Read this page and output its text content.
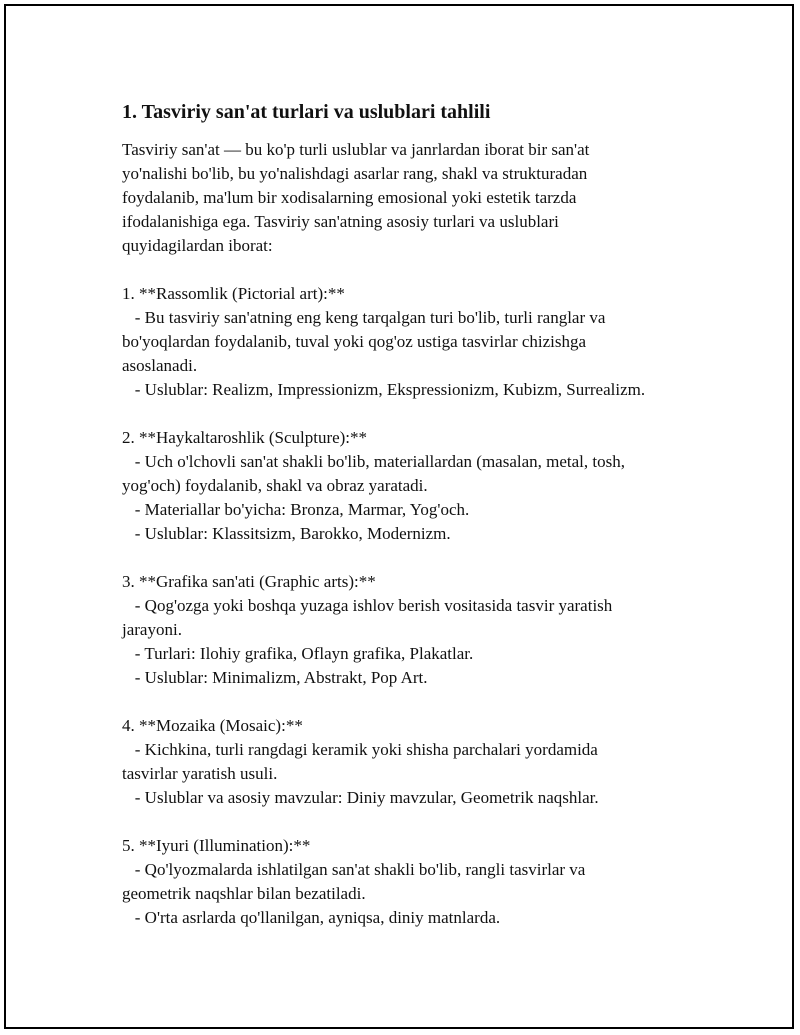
1. Tasviriy san'at turlari va uslublari tahlili
Tasviriy san'at — bu ko'p turli uslublar va janrlardan iborat bir san'at
yo'nalishi bo'lib, bu yo'nalishdagi asarlar rang, shakl va strukturadan
foydalanib, ma'lum bir xodisalarning emosional yoki estetik tarzda
ifodalanishiga ega. Tasviriy san'atning asosiy turlari va uslublari
quyidagilardan iborat:
1. **Rassomlik (Pictorial art):**
- Bu tasviriy san'atning eng keng tarqalgan turi bo'lib, turli ranglar va
bo'yoqlardan foydalanib, tuval yoki qog'oz ustiga tasvirlar chizishga
asoslanadi.
- Uslublar: Realizm, Impressionizm, Ekspressionizm, Kubizm, Surrealizm.
2. **Haykaltaroshlik (Sculpture):**
- Uch o'lchovli san'at shakli bo'lib, materiallardan (masalan, metal, tosh,
yog'och) foydalanib, shakl va obraz yaratadi.
- Materiallar bo'yicha: Bronza, Marmar, Yog'och.
- Uslublar: Klassitsizm, Barokko, Modernizm.
3. **Grafika san'ati (Graphic arts):**
- Qog'ozga yoki boshqa yuzaga ishlov berish vositasida tasvir yaratish
jarayoni.
- Turlari: Ilohiy grafika, Oflayn grafika, Plakatlar.
- Uslublar: Minimalizm, Abstrakt, Pop Art.
4. **Mozaika (Mosaic):**
- Kichkina, turli rangdagi keramik yoki shisha parchalari yordamida
tasvirlar yaratish usuli.
- Uslublar va asosiy mavzular: Diniy mavzular, Geometrik naqshlar.
5. **Iyuri (Illumination):**
- Qo'lyozmalarda ishlatilgan san'at shakli bo'lib, rangli tasvirlar va
geometrik naqshlar bilan bezatiladi.
- O'rta asrlarda qo'llanilgan, ayniqsa, diniy matnlarda.
